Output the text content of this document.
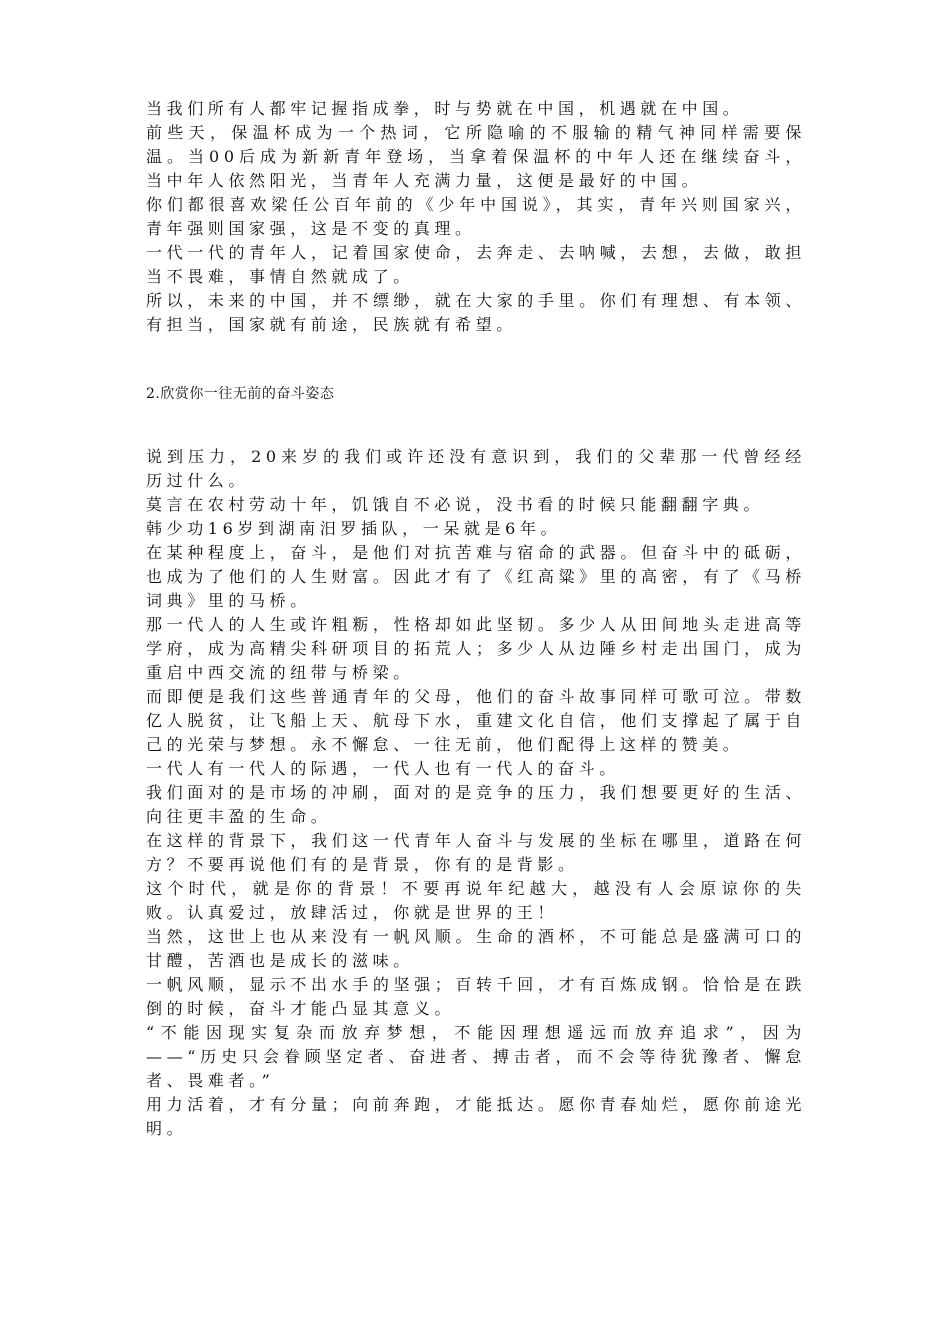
当我们所有人都牢记握指成拳，时与势就在中国，机遇就在中国。

前些天，保温杯成为一个热词，它所隐喻的不服输的精气神同样需要保温。当00后成为新新青年登场，当拿着保温杯的中年人还在继续奋斗，当中年人依然阳光，当青年人充满力量，这便是最好的中国。

你们都很喜欢梁任公百年前的《少年中国说》，其实，青年兴则国家兴，青年强则国家强，这是不变的真理。

一代一代的青年人，记着国家使命，去奔走、去呐喊，去想，去做，敢担当不畏难，事情自然就成了。

所以，未来的中国，并不缥缈，就在大家的手里。你们有理想、有本领、有担当，国家就有前途，民族就有希望。

2.欣赏你一往无前的奋斗姿态

说到压力，20来岁的我们或许还没有意识到，我们的父辈那一代曾经经历过什么。

莫言在农村劳动十年，饥饿自不必说，没书看的时候只能翻翻字典。

韩少功16岁到湖南汨罗插队，一呆就是6年。

在某种程度上，奋斗，是他们对抗苦难与宿命的武器。但奋斗中的砥砺，也成为了他们的人生财富。因此才有了《红高粱》里的高密，有了《马桥词典》里的马桥。

那一代人的人生或许粗粝，性格却如此坚韧。多少人从田间地头走进高等学府，成为高精尖科研项目的拓荒人；多少人从边陲乡村走出国门，成为重启中西交流的纽带与桥梁。

而即便是我们这些普通青年的父母，他们的奋斗故事同样可歌可泣。带数亿人脱贫，让飞船上天、航母下水，重建文化自信，他们支撑起了属于自己的光荣与梦想。永不懈怠、一往无前，他们配得上这样的赞美。

一代人有一代人的际遇，一代人也有一代人的奋斗。

我们面对的是市场的冲刷，面对的是竞争的压力，我们想要更好的生活、向往更丰盈的生命。

在这样的背景下，我们这一代青年人奋斗与发展的坐标在哪里，道路在何方？不要再说他们有的是背景，你有的是背影。

这个时代，就是你的背景！不要再说年纪越大，越没有人会原谅你的失败。认真爱过，放肆活过，你就是世界的王！

当然，这世上也从来没有一帆风顺。生命的酒杯，不可能总是盛满可口的甘醴，苦酒也是成长的滋味。

一帆风顺，显示不出水手的坚强；百转千回，才有百炼成钢。恰恰是在跌倒的时候，奋斗才能凸显其意义。

“不能因现实复杂而放弃梦想，不能因理想遥远而放弃追求”，因为——“历史只会眷顾坚定者、奋进者、搏击者，而不会等待犹豫者、懈怠者、畏难者。”

用力活着，才有分量；向前奔跑，才能抵达。愿你青春灿烂，愿你前途光明。
